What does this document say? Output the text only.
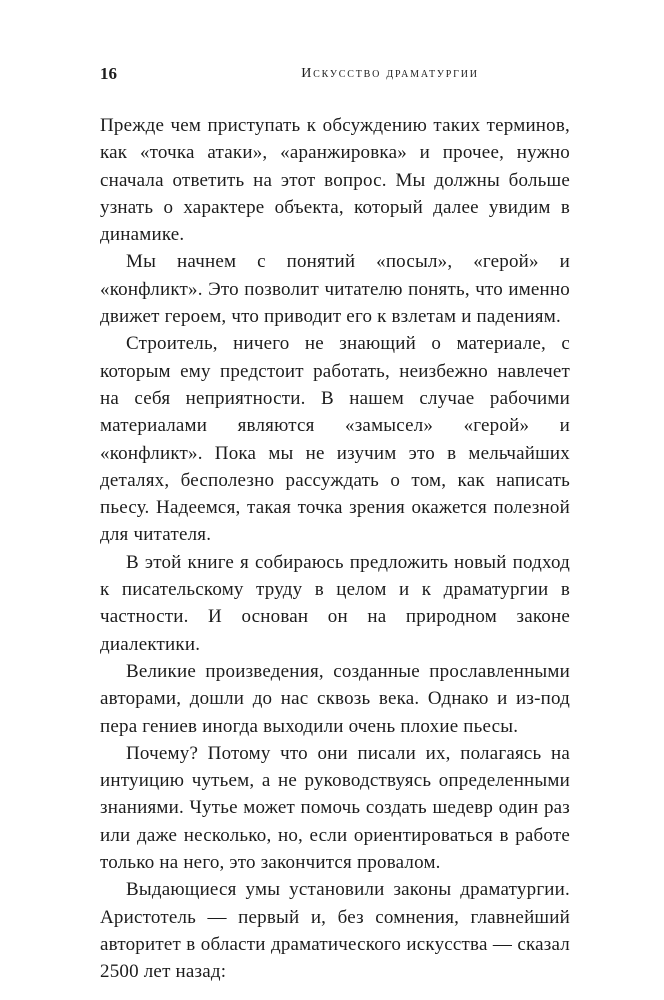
16	Искусство драматургии

Прежде чем приступать к обсуждению таких терминов, как «точка атаки», «аранжировка» и прочее, нужно сначала ответить на этот вопрос. Мы должны больше узнать о характере объекта, который далее увидим в динамике.

Мы начнем с понятий «посыл», «герой» и «конфликт». Это позволит читателю понять, что именно движет героем, что приводит его к взлетам и падениям.

Строитель, ничего не знающий о материале, с которым ему предстоит работать, неизбежно навлечет на себя неприятности. В нашем случае рабочими материалами являются «замысел» «герой» и «конфликт». Пока мы не изучим это в мельчайших деталях, бесполезно рассуждать о том, как написать пьесу. Надеемся, такая точка зрения окажется полезной для читателя.

В этой книге я собираюсь предложить новый подход к писательскому труду в целом и к драматургии в частности. И основан он на природном законе диалектики.

Великие произведения, созданные прославленными авторами, дошли до нас сквозь века. Однако и из-под пера гениев иногда выходили очень плохие пьесы.

Почему? Потому что они писали их, полагаясь на интуицию чутьем, а не руководствуясь определенными знаниями. Чутье может помочь создать шедевр один раз или даже несколько, но, если ориентироваться в работе только на него, это закончится провалом.

Выдающиеся умы установили законы драматургии. Аристотель — первый и, без сомнения, главнейший авторитет в области драматического искусства — сказал 2500 лет назад:
